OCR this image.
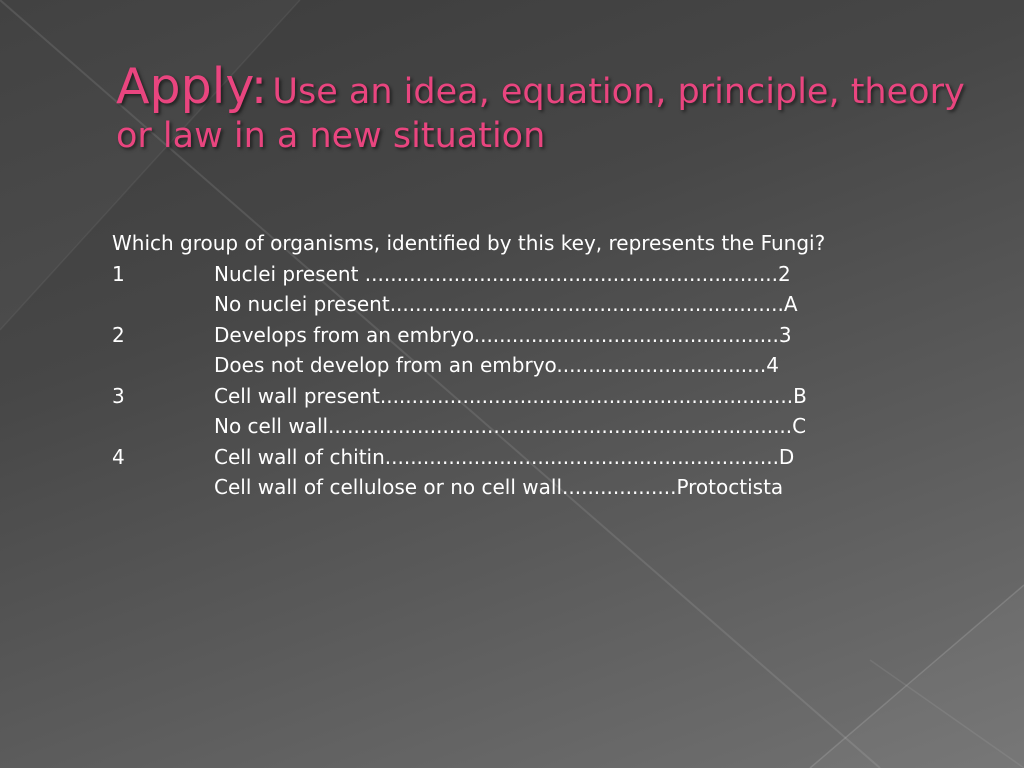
Apply: Use an idea, equation, principle, theory or law in a new situation
Which group of organisms, identified by this key, represents the Fungi?
1	Nuclei present .................................................................2
No nuclei present..............................................................A
2	Develops from an embryo................................................3
Does not develop from an embryo.................................4
3	Cell wall present.................................................................B
No cell wall.........................................................................C
4	Cell wall of chitin..............................................................D
Cell wall of cellulose or no cell wall..................Protoctista
